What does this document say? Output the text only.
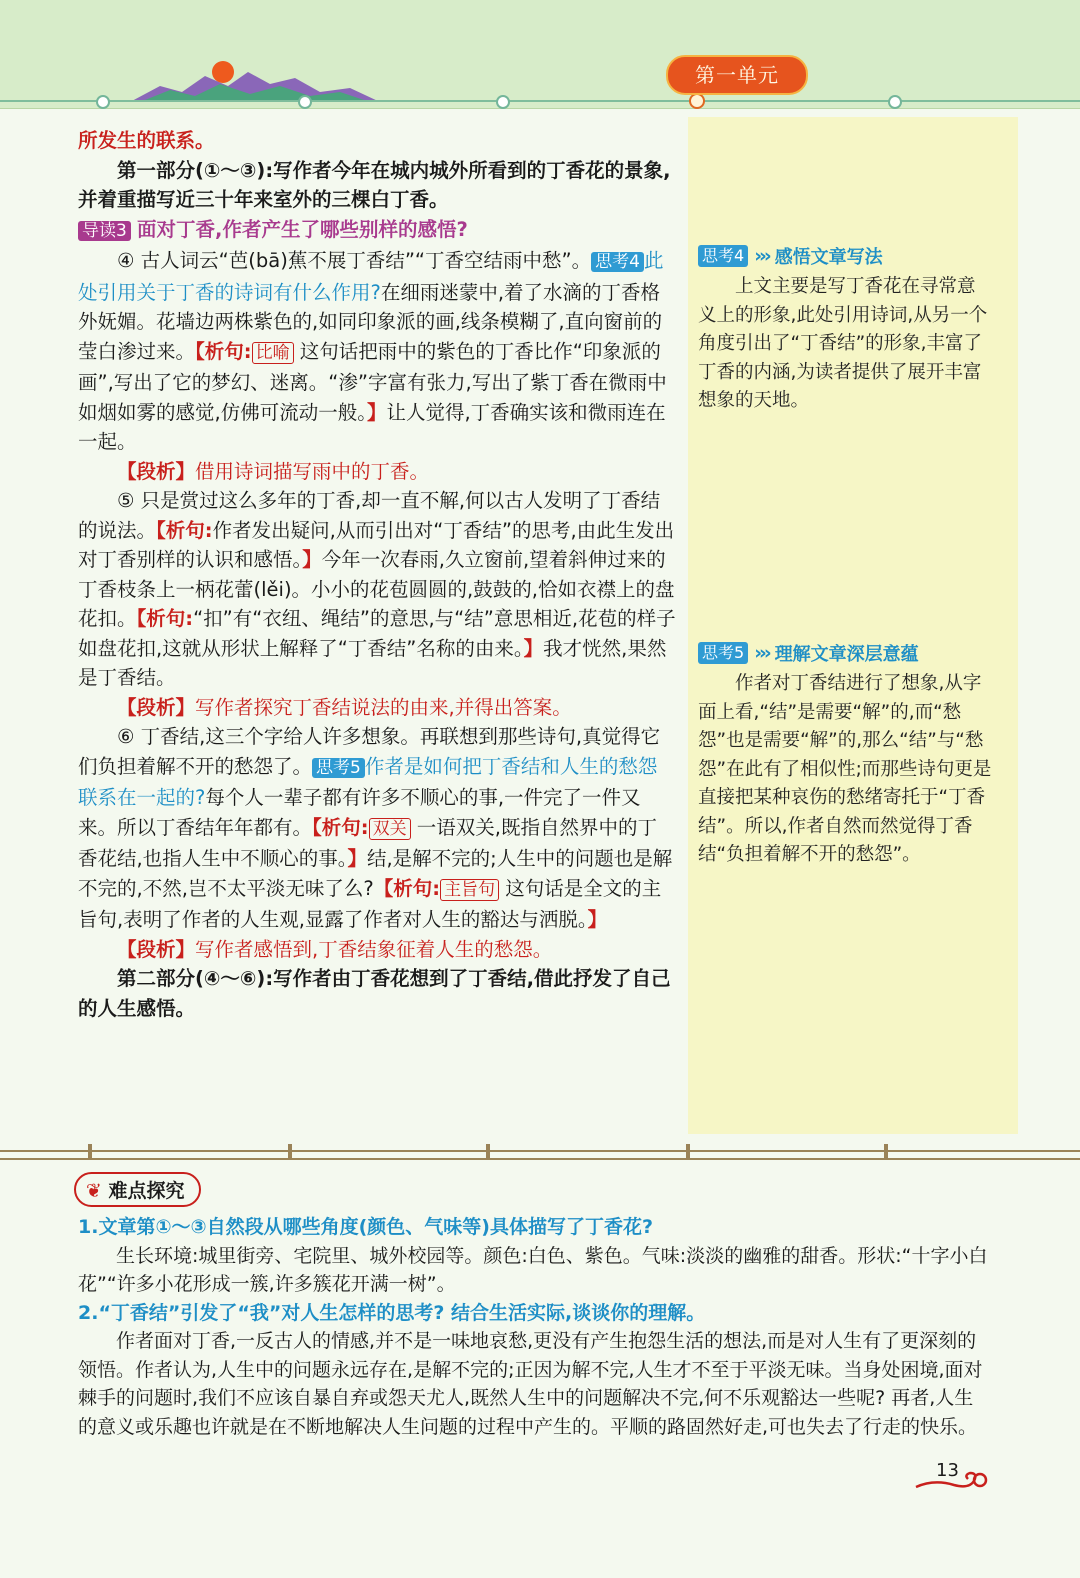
第一单元

所发生的联系。

第一部分(①～③):写作者今年在城内城外所看到的丁香花的景象,并着重描写近三十年来室外的三棵白丁香。

导读3 面对丁香,作者产生了哪些别样的感悟?

④ 古人词云“芭(bā)蕉不展丁香结”“丁香空结雨中愁”。 思考4 此处引用关于丁香的诗词有什么作用?在细雨迷蒙中,着了水滴的丁香格外妩媚。花墙边两株紫色的,如同印象派的画,线条模糊了,直向窗前的莹白渗过来。【析句: 比喻 这句话把雨中的紫色的丁香比作“印象派的画”,写出了它的梦幻、迷离。“渗”字富有张力,写出了紫丁香在微雨中如烟如雾的感觉,仿佛可流动一般。】让人觉得,丁香确实该和微雨连在一起。

【段析】借用诗词描写雨中的丁香。

⑤ 只是赏过这么多年的丁香,却一直不解,何以古人发明了丁香结的说法。【析句:作者发出疑问,从而引出对“丁香结”的思考,由此生发出对丁香别样的认识和感悟。】今年一次春雨,久立窗前,望着斜伸过来的丁香枝条上一柄花蕾(lěi)。小小的花苞圆圆的,鼓鼓的,恰如衣襟上的盘花扣。【析句:“扣”有“衣纽、绳结”的意思,与“结”意思相近,花苞的样子如盘花扣,这就从形状上解释了“丁香结”名称的由来。】我才恍然,果然是丁香结。

【段析】写作者探究丁香结说法的由来,并得出答案。

⑥ 丁香结,这三个字给人许多想象。再联想到那些诗句,真觉得它们负担着解不开的愁怨了。 思考5 作者是如何把丁香结和人生的愁怨联系在一起的?每个人一辈子都有许多不顺心的事,一件完了一件又来。所以丁香结年年都有。【析句: 双关 一语双关,既指自然界中的丁香花结,也指人生中不顺心的事。】结,是解不完的;人生中的问题也是解不完的,不然,岂不太平淡无味了么?【析句: 主旨句 这句话是全文的主旨句,表明了作者的人生观,显露了作者对人生的豁达与洒脱。】

【段析】写作者感悟到,丁香结象征着人生的愁怨。

第二部分(④～⑥):写作者由丁香花想到了丁香结,借此抒发了自己的人生感悟。

思考4 ››› 感悟文章写法

上文主要是写丁香花在寻常意义上的形象,此处引用诗词,从另一个角度引出了“丁香结”的形象,丰富了丁香的内涵,为读者提供了展开丰富想象的天地。

思考5 ››› 理解文章深层意蕴

作者对丁香结进行了想象,从字面上看,“结”是需要“解”的,而“愁怨”也是需要“解”的,那么“结”与“愁怨”在此有了相似性;而那些诗句更是直接把某种哀伤的愁绪寄托于“丁香结”。所以,作者自然而然觉得丁香结“负担着解不开的愁怨”。

❦ 难点探究

1.文章第①～③自然段从哪些角度(颜色、气味等)具体描写了丁香花?

生长环境:城里街旁、宅院里、城外校园等。颜色:白色、紫色。气味:淡淡的幽雅的甜香。形状:“十字小白花”“许多小花形成一簇,许多簇花开满一树”。

2.“丁香结”引发了“我”对人生怎样的思考? 结合生活实际,谈谈你的理解。

作者面对丁香,一反古人的情感,并不是一味地哀愁,更没有产生抱怨生活的想法,而是对人生有了更深刻的领悟。作者认为,人生中的问题永远存在,是解不完的;正因为解不完,人生才不至于平淡无味。当身处困境,面对棘手的问题时,我们不应该自暴自弃或怨天尤人,既然人生中的问题解决不完,何不乐观豁达一些呢? 再者,人生的意义或乐趣也许就是在不断地解决人生问题的过程中产生的。平顺的路固然好走,可也失去了行走的快乐。

13
